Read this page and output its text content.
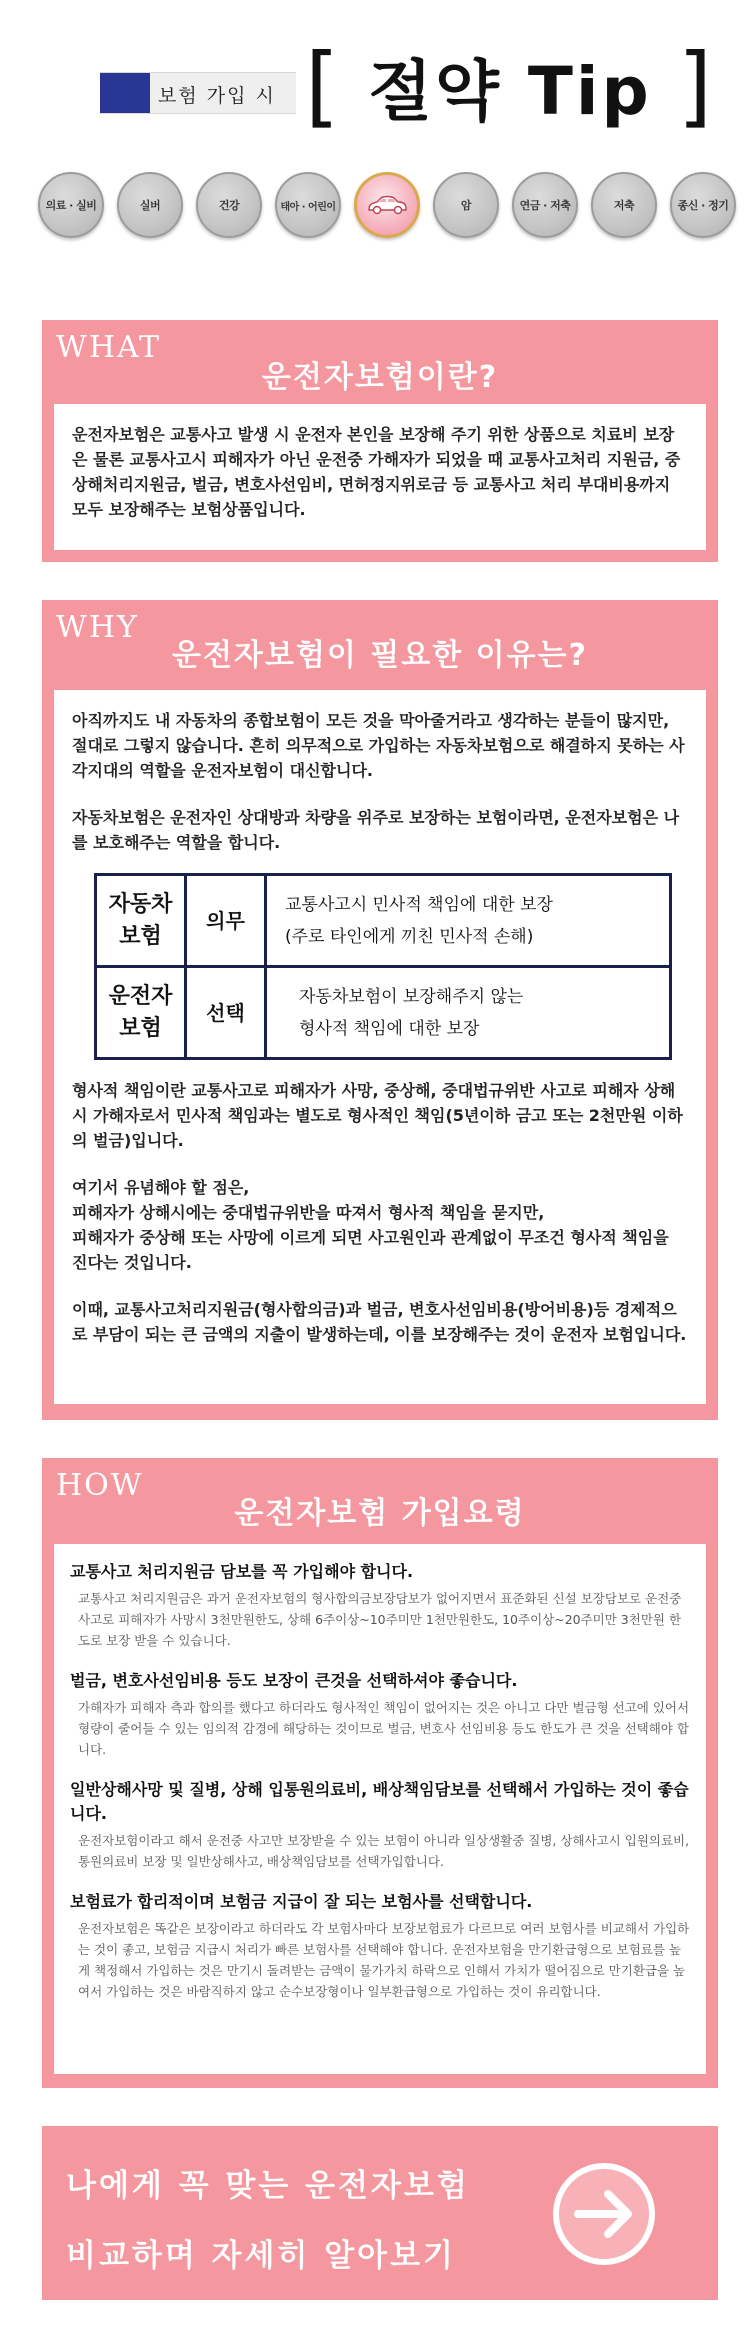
보험 가입 시 [ 절약 Tip ]
의료 · 실비	실버	건강	태아 · 어린이	암	연금 · 저축	저축	종신 · 정기
WHAT
운전자보험이란?

운전자보험은 교통사고 발생 시 운전자 본인을 보장해 주기 위한 상품으로 치료비 보장은 물론 교통사고시 피해자가 아닌 운전중 가해자가 되었을 때 교통사고처리 지원금, 중상해처리지원금, 벌금, 변호사선임비, 면허정지위로금 등 교통사고 처리 부대비용까지 모두 보장해주는 보험상품입니다.

WHY
운전자보험이 필요한 이유는?

아직까지도 내 자동차의 종합보험이 모든 것을 막아줄거라고 생각하는 분들이 많지만, 절대로 그렇지 않습니다. 흔히 의무적으로 가입하는 자동차보험으로 해결하지 못하는 사각지대의 역할을 운전자보험이 대신합니다.

자동차보험은 운전자인 상대방과 차량을 위주로 보장하는 보험이라면, 운전자보험은 나를 보호해주는 역할을 합니다.

자동차 보험	의무	교통사고시 민사적 책임에 대한 보장
(주로 타인에게 끼친 민사적 손해)

운전자 보험	선택	자동차보험이 보장해주지 않는
형사적 책임에 대한 보장

형사적 책임이란 교통사고로 피해자가 사망, 중상해, 중대법규위반 사고로 피해자 상해시 가해자로서 민사적 책임과는 별도로 형사적인 책임(5년이하 금고 또는 2천만원 이하의 벌금)입니다.

여기서 유념해야 할 점은,
피해자가 상해시에는 중대법규위반을 따져서 형사적 책임을 묻지만,
피해자가 중상해 또는 사망에 이르게 되면 사고원인과 관계없이 무조건 형사적 책임을 진다는 것입니다.

이때, 교통사고처리지원금(형사합의금)과 벌금, 변호사선임비용(방어비용)등 경제적으로 부담이 되는 큰 금액의 지출이 발생하는데, 이를 보장해주는 것이 운전자 보험입니다.

HOW
운전자보험 가입요령
교통사고 처리지원금 담보를 꼭 가입해야 합니다.
교통사고 처리지원금은 과거 운전자보험의 형사합의금보장담보가 없어지면서 표준화된 신설 보장담보로 운전중 사고로 피해자가 사망시 3천만원한도, 상해 6주이상~10주미만 1천만원한도, 10주이상~20주미만 3천만원 한도로 보장 받을 수 있습니다.
벌금, 변호사선임비용 등도 보장이 큰것을 선택하셔야 좋습니다.
가해자가 피해자 측과 합의를 했다고 하더라도 형사적인 책임이 없어지는 것은 아니고 다만 벌금형 선고에 있어서 형량이 줄어들 수 있는 임의적 감경에 해당하는 것이므로 벌금, 변호사 선임비용 등도 한도가 큰 것을 선택해야 합니다.
일반상해사망 및 질병, 상해 입통원의료비, 배상책임담보를 선택해서 가입하는 것이 좋습니다.
운전자보험이라고 해서 운전중 사고만 보장받을 수 있는 보험이 아니라 일상생활중 질병, 상해사고시 입원의료비, 통원의료비 보장 및 일반상해사고, 배상책임담보를 선택가입합니다.
보험료가 합리적이며 보험금 지급이 잘 되는 보험사를 선택합니다.
운전자보험은 똑같은 보장이라고 하더라도 각 보험사마다 보장보험료가 다르므로 여러 보험사를 비교해서 가입하는 것이 좋고, 보험금 지급시 처리가 빠른 보험사를 선택해야 합니다. 운전자보험을 만기환급형으로 보험료를 높게 책정해서 가입하는 것은 만기시 돌려받는 금액이 물가가치 하락으로 인해서 가치가 떨어짐으로 만기환급을 높여서 가입하는 것은 바람직하지 않고 순수보장형이나 일부환급형으로 가입하는 것이 유리합니다.
나에게 꼭 맞는 운전자보험
비교하며 자세히 알아보기
